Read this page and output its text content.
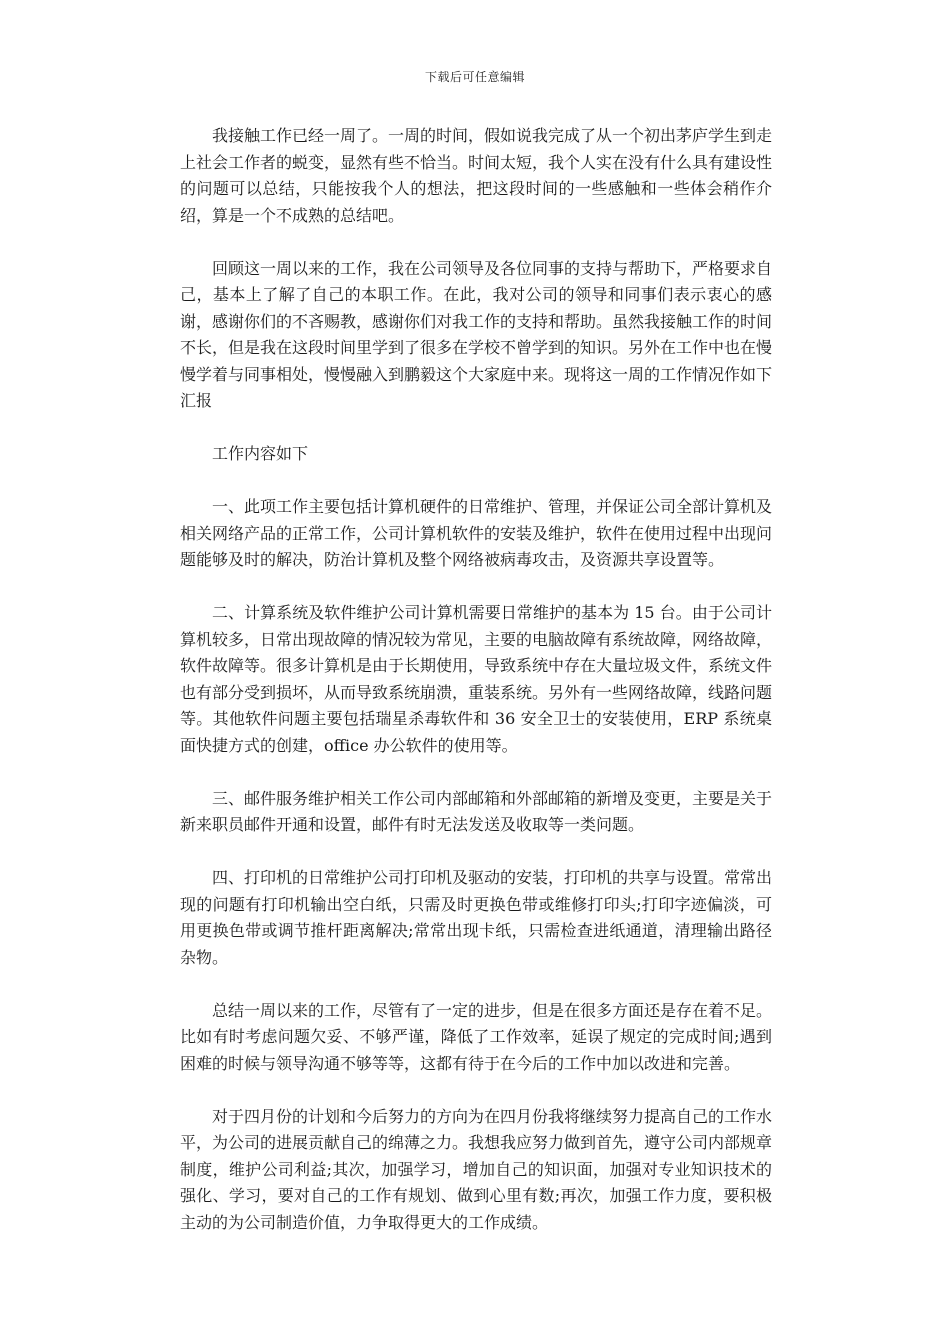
下载后可任意编辑

我接触工作已经一周了。一周的时间，假如说我完成了从一个初出茅庐学生到走上社会工作者的蜕变，显然有些不恰当。时间太短，我个人实在没有什么具有建设性的问题可以总结，只能按我个人的想法，把这段时间的一些感触和一些体会稍作介绍，算是一个不成熟的总结吧。

回顾这一周以来的工作，我在公司领导及各位同事的支持与帮助下，严格要求自己，基本上了解了自己的本职工作。在此，我对公司的领导和同事们表示衷心的感谢，感谢你们的不吝赐教，感谢你们对我工作的支持和帮助。虽然我接触工作的时间不长，但是我在这段时间里学到了很多在学校不曾学到的知识。另外在工作中也在慢慢学着与同事相处，慢慢融入到鹏毅这个大家庭中来。现将这一周的工作情况作如下汇报

工作内容如下

一、此项工作主要包括计算机硬件的日常维护、管理，并保证公司全部计算机及相关网络产品的正常工作，公司计算机软件的安装及维护，软件在使用过程中出现问题能够及时的解决，防治计算机及整个网络被病毒攻击，及资源共享设置等。

二、计算系统及软件维护公司计算机需要日常维护的基本为 15 台。由于公司计算机较多，日常出现故障的情况较为常见，主要的电脑故障有系统故障，网络故障，软件故障等。很多计算机是由于长期使用，导致系统中存在大量垃圾文件，系统文件也有部分受到损坏，从而导致系统崩溃，重装系统。另外有一些网络故障，线路问题等。其他软件问题主要包括瑞星杀毒软件和 36 安全卫士的安装使用，ERP 系统桌面快捷方式的创建，office 办公软件的使用等。

三、邮件服务维护相关工作公司内部邮箱和外部邮箱的新增及变更，主要是关于新来职员邮件开通和设置，邮件有时无法发送及收取等一类问题。

四、打印机的日常维护公司打印机及驱动的安装，打印机的共享与设置。常常出现的问题有打印机输出空白纸，只需及时更换色带或维修打印头;打印字迹偏淡，可用更换色带或调节推杆距离解决;常常出现卡纸，只需检查进纸通道，清理输出路径杂物。

总结一周以来的工作，尽管有了一定的进步，但是在很多方面还是存在着不足。比如有时考虑问题欠妥、不够严谨，降低了工作效率，延误了规定的完成时间;遇到困难的时候与领导沟通不够等等，这都有待于在今后的工作中加以改进和完善。

对于四月份的计划和今后努力的方向为在四月份我将继续努力提高自己的工作水平，为公司的进展贡献自己的绵薄之力。我想我应努力做到首先，遵守公司内部规章制度，维护公司利益;其次，加强学习，增加自己的知识面，加强对专业知识技术的强化、学习，要对自己的工作有规划、做到心里有数;再次，加强工作力度，要积极主动的为公司制造价值，力争取得更大的工作成绩。
